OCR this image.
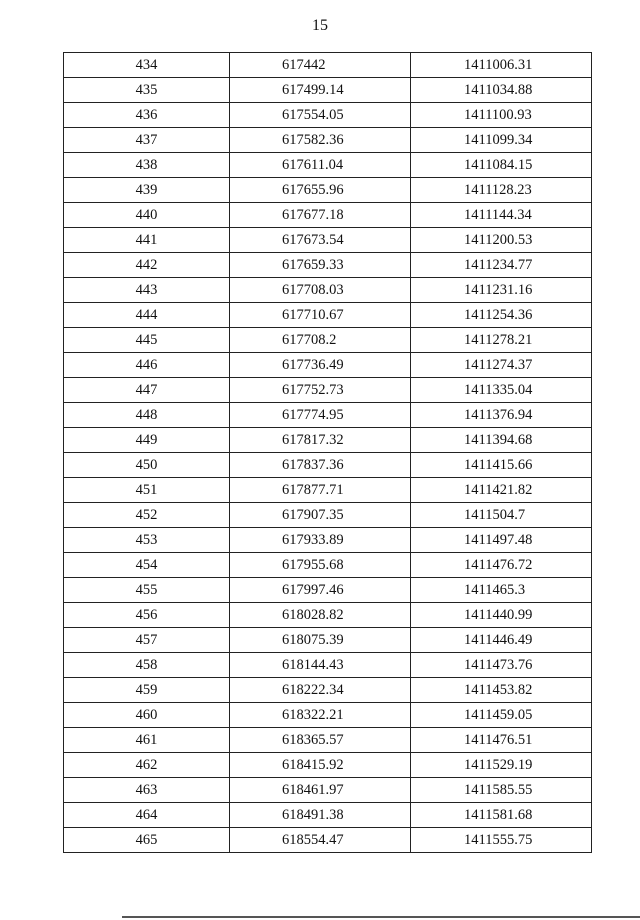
15
434	617442	1411006.31
435	617499.14	1411034.88
436	617554.05	1411100.93
437	617582.36	1411099.34
438	617611.04	1411084.15
439	617655.96	1411128.23
440	617677.18	1411144.34
441	617673.54	1411200.53
442	617659.33	1411234.77
443	617708.03	1411231.16
444	617710.67	1411254.36
445	617708.2	1411278.21
446	617736.49	1411274.37
447	617752.73	1411335.04
448	617774.95	1411376.94
449	617817.32	1411394.68
450	617837.36	1411415.66
451	617877.71	1411421.82
452	617907.35	1411504.7
453	617933.89	1411497.48
454	617955.68	1411476.72
455	617997.46	1411465.3
456	618028.82	1411440.99
457	618075.39	1411446.49
458	618144.43	1411473.76
459	618222.34	1411453.82
460	618322.21	1411459.05
461	618365.57	1411476.51
462	618415.92	1411529.19
463	618461.97	1411585.55
464	618491.38	1411581.68
465	618554.47	1411555.75
